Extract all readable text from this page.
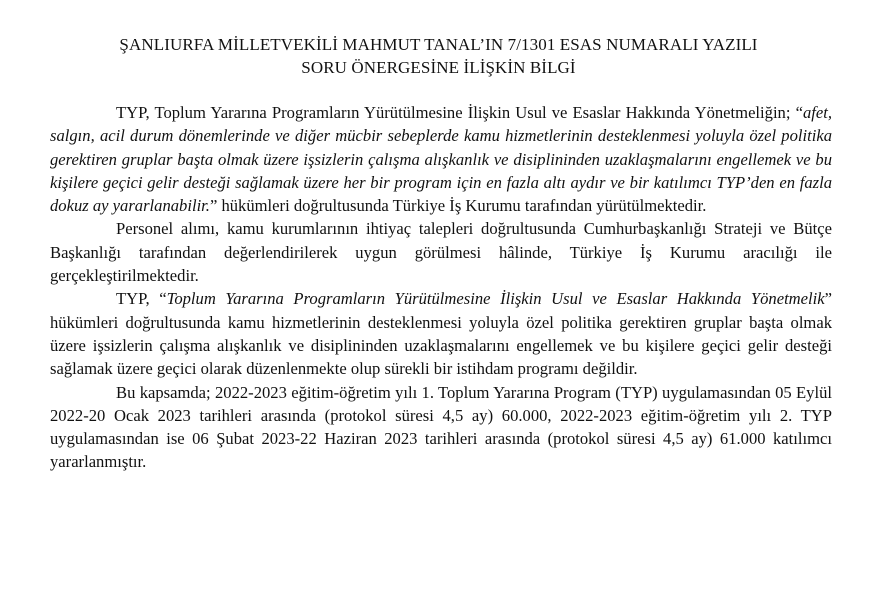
ŞANLIURFA MİLLETVEKİLİ MAHMUT TANAL’IN 7/1301 ESAS NUMARALI YAZILI
SORU ÖNERGESİNE İLİŞKİN BİLGİ

TYP, Toplum Yararına Programların Yürütülmesine İlişkin Usul ve Esaslar Hakkında Yönetmeliğin; “afet, salgın, acil durum dönemlerinde ve diğer mücbir sebeplerde kamu hizmetlerinin desteklenmesi yoluyla özel politika gerektiren gruplar başta olmak üzere işsizlerin çalışma alışkanlık ve disiplininden uzaklaşmalarını engellemek ve bu kişilere geçici gelir desteği sağlamak üzere her bir program için en fazla altı aydır ve bir katılımcı TYP’den en fazla dokuz ay yararlanabilir.” hükümleri doğrultusunda Türkiye İş Kurumu tarafından yürütülmektedir.

Personel alımı, kamu kurumlarının ihtiyaç talepleri doğrultusunda Cumhurbaşkanlığı Strateji ve Bütçe Başkanlığı tarafından değerlendirilerek uygun görülmesi hâlinde, Türkiye İş Kurumu aracılığı ile gerçekleştirilmektedir.

TYP, “Toplum Yararına Programların Yürütülmesine İlişkin Usul ve Esaslar Hakkında Yönetmelik” hükümleri doğrultusunda kamu hizmetlerinin desteklenmesi yoluyla özel politika gerektiren gruplar başta olmak üzere işsizlerin çalışma alışkanlık ve disiplininden uzaklaşmalarını engellemek ve bu kişilere geçici gelir desteği sağlamak üzere geçici olarak düzenlenmekte olup sürekli bir istihdam programı değildir.

Bu kapsamda; 2022-2023 eğitim-öğretim yılı 1. Toplum Yararına Program (TYP) uygulamasından 05 Eylül 2022-20 Ocak 2023 tarihleri arasında (protokol süresi 4,5 ay) 60.000, 2022-2023 eğitim-öğretim yılı 2. TYP uygulamasından ise 06 Şubat 2023-22 Haziran 2023 tarihleri arasında (protokol süresi 4,5 ay) 61.000 katılımcı yararlanmıştır.
